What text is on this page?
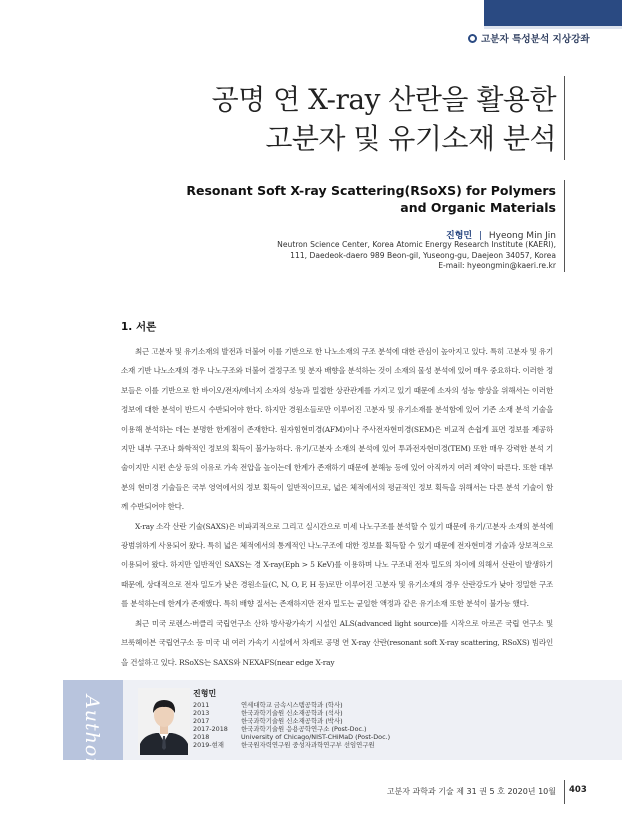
고분자 특성분석 지상강좌
공명 연 X-ray 산란을 활용한
고분자 및 유기소재 분석
Resonant Soft X-ray Scattering(RSoXS) for Polymers
and Organic Materials
진형민 | Hyeong Min Jin
Neutron Science Center, Korea Atomic Energy Research Institute (KAERI),
111, Daedeok-daero 989 Beon-gil, Yuseong-gu, Daejeon 34057, Korea
E-mail: hyeongmin@kaeri.re.kr
1. 서론

최근 고분자 및 유기소재의 발전과 더불어 이를 기반으로 한 나노소재의 구조 분석에 대한 관심이 높아지고 있다. 특히 고분자 및 유기소재 기반 나노소재의 경우 나노구조와 더불어 결정구조 및 분자 배향을 분석하는 것이 소재의 물성 분석에 있어 매우 중요하다. 이러한 정보들은 이를 기반으로 한 바이오/전자/에너지 소자의 성능과 밀접한 상관관계를 가지고 있기 때문에 소자의 성능 향상을 위해서는 이러한 정보에 대한 분석이 반드시 수반되어야 한다. 하지만 경원소들로만 이루어진 고분자 및 유기소재를 분석함에 있어 기존 소재 분석 기술을 이용해 분석하는 데는 분명한 한계점이 존재한다. 원자힘현미경(AFM)이나 주사전자현미경(SEM)은 비교적 손쉽게 표면 정보를 제공하지만 내부 구조나 화학적인 정보의 획득이 불가능하다. 유기/고분자 소재의 분석에 있어 투과전자현미경(TEM) 또한 매우 강력한 분석 기술이지만 시편 손상 등의 이유로 가속 전압을 높이는데 한계가 존재하기 때문에 분해능 등에 있어 아직까지 여러 제약이 따른다. 또한 대부분의 현미경 기술들은 국부 영역에서의 정보 획득이 일반적이므로, 넓은 체적에서의 평균적인 정보 획득을 위해서는 다른 분석 기술이 함께 수반되어야 한다.

X-ray 소각 산란 기술(SAXS)은 비파괴적으로 그리고 실시간으로 미세 나노구조를 분석할 수 있기 때문에 유기/고분자 소재의 분석에 광범위하게 사용되어 왔다. 특히 넓은 체적에서의 통계적인 나노구조에 대한 정보를 획득할 수 있기 때문에 전자현미경 기술과 상보적으로 이용되어 왔다. 하지만 일반적인 SAXS는 경 X-ray(Eph > 5 KeV)를 이용하며 나노 구조내 전자 밀도의 차이에 의해서 산란이 발생하기 때문에, 상대적으로 전자 밀도가 낮은 경원소들(C, N, O, F, H 등)로만 이루어진 고분자 및 유기소재의 경우 산란강도가 낮아 정밀한 구조를 분석하는데 한계가 존재했다. 특히 배향 질서는 존재하지만 전자 밀도는 균일한 액정과 같은 유기소재 또한 분석이 불가능 했다.

최근 미국 로렌스-버클리 국립연구소 산하 방사광가속기 시설인 ALS(advanced light source)를 시작으로 아르곤 국립 연구소 및 브룩헤이븐 국립연구소 등 미국 내 여러 가속기 시설에서 차례로 공명 연 X-ray 산란(resonant soft X-ray scattering, RSoXS) 빔라인을 건설하고 있다. RSoXS는 SAXS와 NEXAFS(near edge X-ray

Author
진형민
2011	연세대학교 금속시스템공학과 (학사)
2013	한국과학기술원 신소재공학과 (석사)
2017	한국과학기술원 신소재공학과 (박사)
2017-2018	한국과학기술원 응용공학연구소 (Post-Doc.)
2018	University of Chicago/NIST-CHiMaD (Post-Doc.)
2019-현재	한국원자력연구원 중성자과학연구부 선임연구원
고분자 과학과 기술 제 31 권 5 호 2020년 10월 403
